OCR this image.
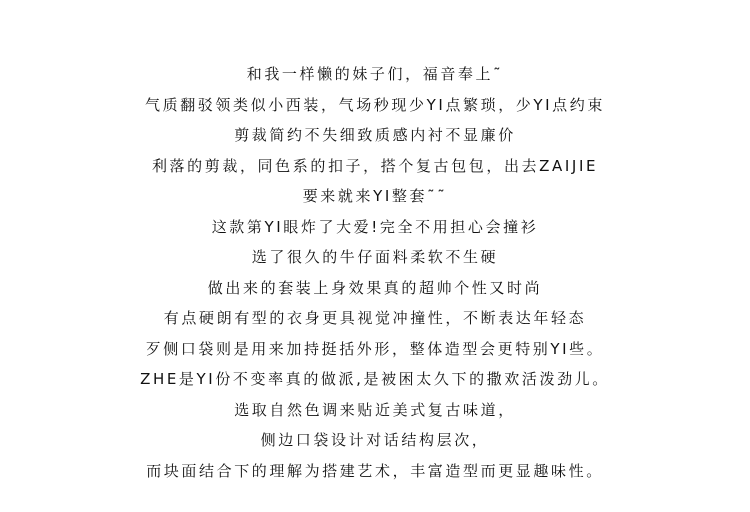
和我一样懒的妹子们，福音奉上˜
气质翻驳领类似小西装，气场秒现少YI点繁琐，少YI点约束
剪裁简约不失细致质感内衬不显廉价
利落的剪裁，同色系的扣子，搭个复古包包，出去ZAIJIE
要来就来YI整套˜˜
这款第YI眼炸了大爱!完全不用担心会撞衫
选了很久的牛仔面料柔软不生硬
做出来的套装上身效果真的超帅个性又时尚
有点硬朗有型的衣身更具视觉冲撞性，不断表达年轻态
歹侧口袋则是用来加持挺括外形，整体造型会更特别YI些。
ZHE是YI份不变率真的做派,是被困太久下的撒欢活泼劲儿。
选取自然色调来贴近美式复古味道，
侧边口袋设计对话结构层次，
而块面结合下的理解为搭建艺术，丰富造型而更显趣味性。
